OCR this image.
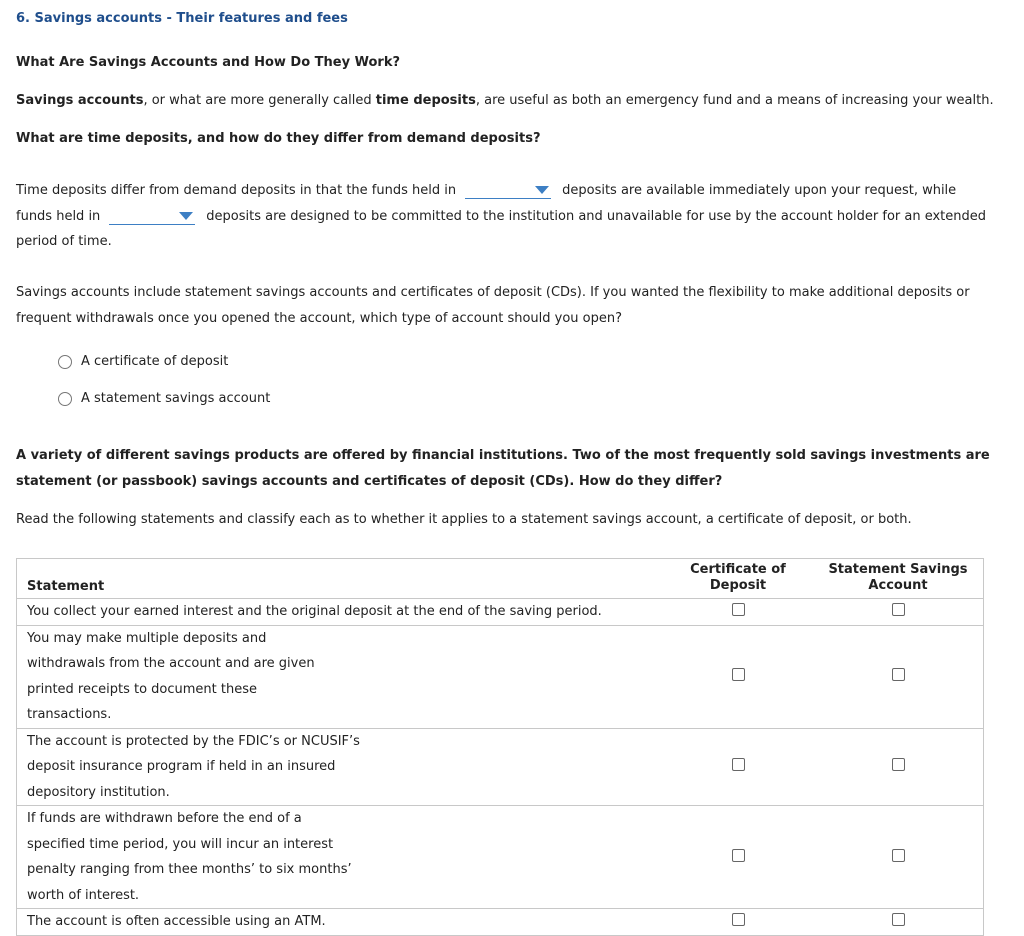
6. Savings accounts - Their features and fees
What Are Savings Accounts and How Do They Work?
Savings accounts, or what are more generally called time deposits, are useful as both an emergency fund and a means of increasing your wealth.
What are time deposits, and how do they differ from demand deposits?
Time deposits differ from demand deposits in that the funds held in	deposits are available immediately upon your request, while funds held in	deposits are designed to be committed to the institution and unavailable for use by the account holder for an extended period of time.
Savings accounts include statement savings accounts and certificates of deposit (CDs). If you wanted the flexibility to make additional deposits or frequent withdrawals once you opened the account, which type of account should you open?
A certificate of deposit
A statement savings account
A variety of different savings products are offered by financial institutions. Two of the most frequently sold savings investments are statement (or passbook) savings accounts and certificates of deposit (CDs). How do they differ?
Read the following statements and classify each as to whether it applies to a statement savings account, a certificate of deposit, or both.
Statement	Certificate of Deposit	Statement Savings Account
You collect your earned interest and the original deposit at the end of the saving period.		
You may make multiple deposits and withdrawals from the account and are given printed receipts to document these transactions.		
The account is protected by the FDIC’s or NCUSIF’s deposit insurance program if held in an insured depository institution.		
If funds are withdrawn before the end of a specified time period, you will incur an interest penalty ranging from thee months’ to six months’ worth of interest.		
The account is often accessible using an ATM.		
